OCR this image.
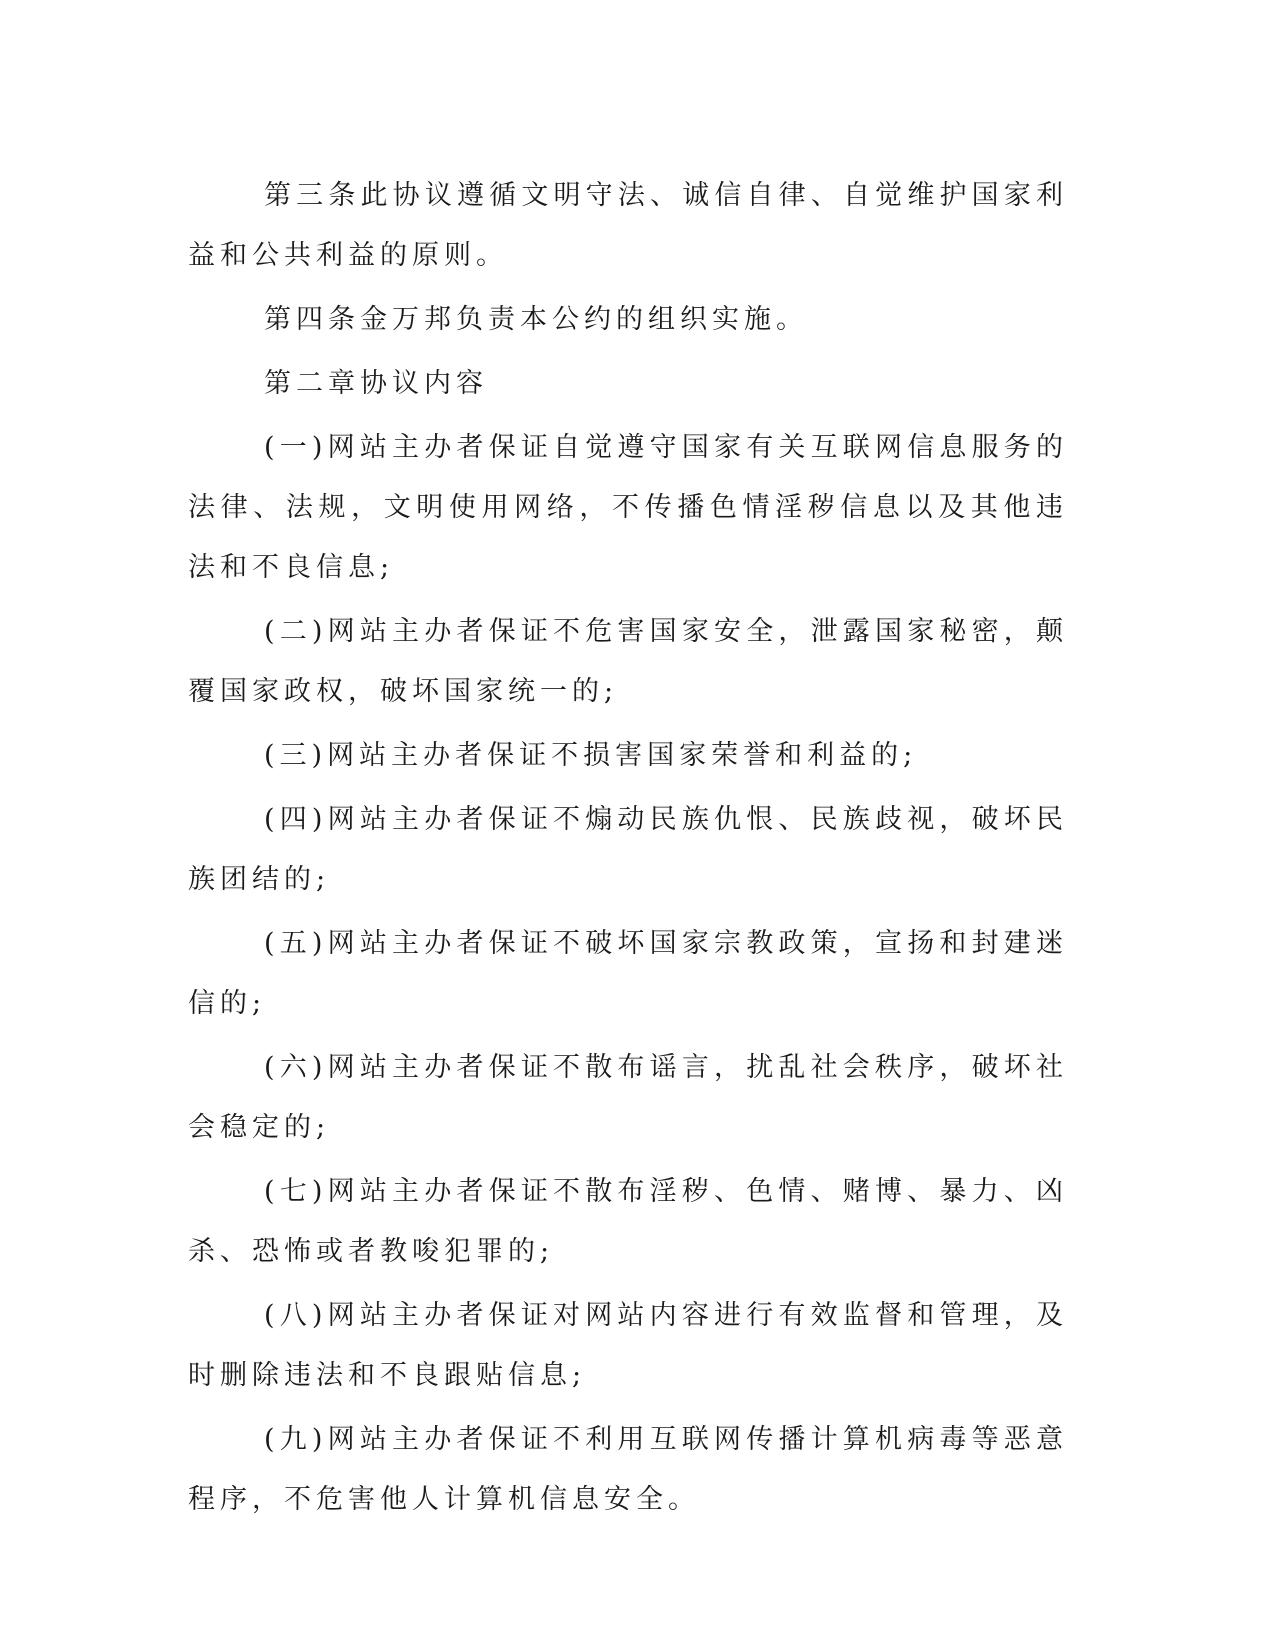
第三条此协议遵循文明守法、诚信自律、自觉维护国家利益和公共利益的原则。

第四条金万邦负责本公约的组织实施。

第二章协议内容

(一)网站主办者保证自觉遵守国家有关互联网信息服务的法律、法规，文明使用网络，不传播色情淫秽信息以及其他违法和不良信息;

(二)网站主办者保证不危害国家安全，泄露国家秘密，颠覆国家政权，破坏国家统一的;

(三)网站主办者保证不损害国家荣誉和利益的;

(四)网站主办者保证不煽动民族仇恨、民族歧视，破坏民族团结的;

(五)网站主办者保证不破坏国家宗教政策，宣扬和封建迷信的;

(六)网站主办者保证不散布谣言，扰乱社会秩序，破坏社会稳定的;

(七)网站主办者保证不散布淫秽、色情、赌博、暴力、凶杀、恐怖或者教唆犯罪的;

(八)网站主办者保证对网站内容进行有效监督和管理，及时删除违法和不良跟贴信息;

(九)网站主办者保证不利用互联网传播计算机病毒等恶意程序，不危害他人计算机信息安全。
